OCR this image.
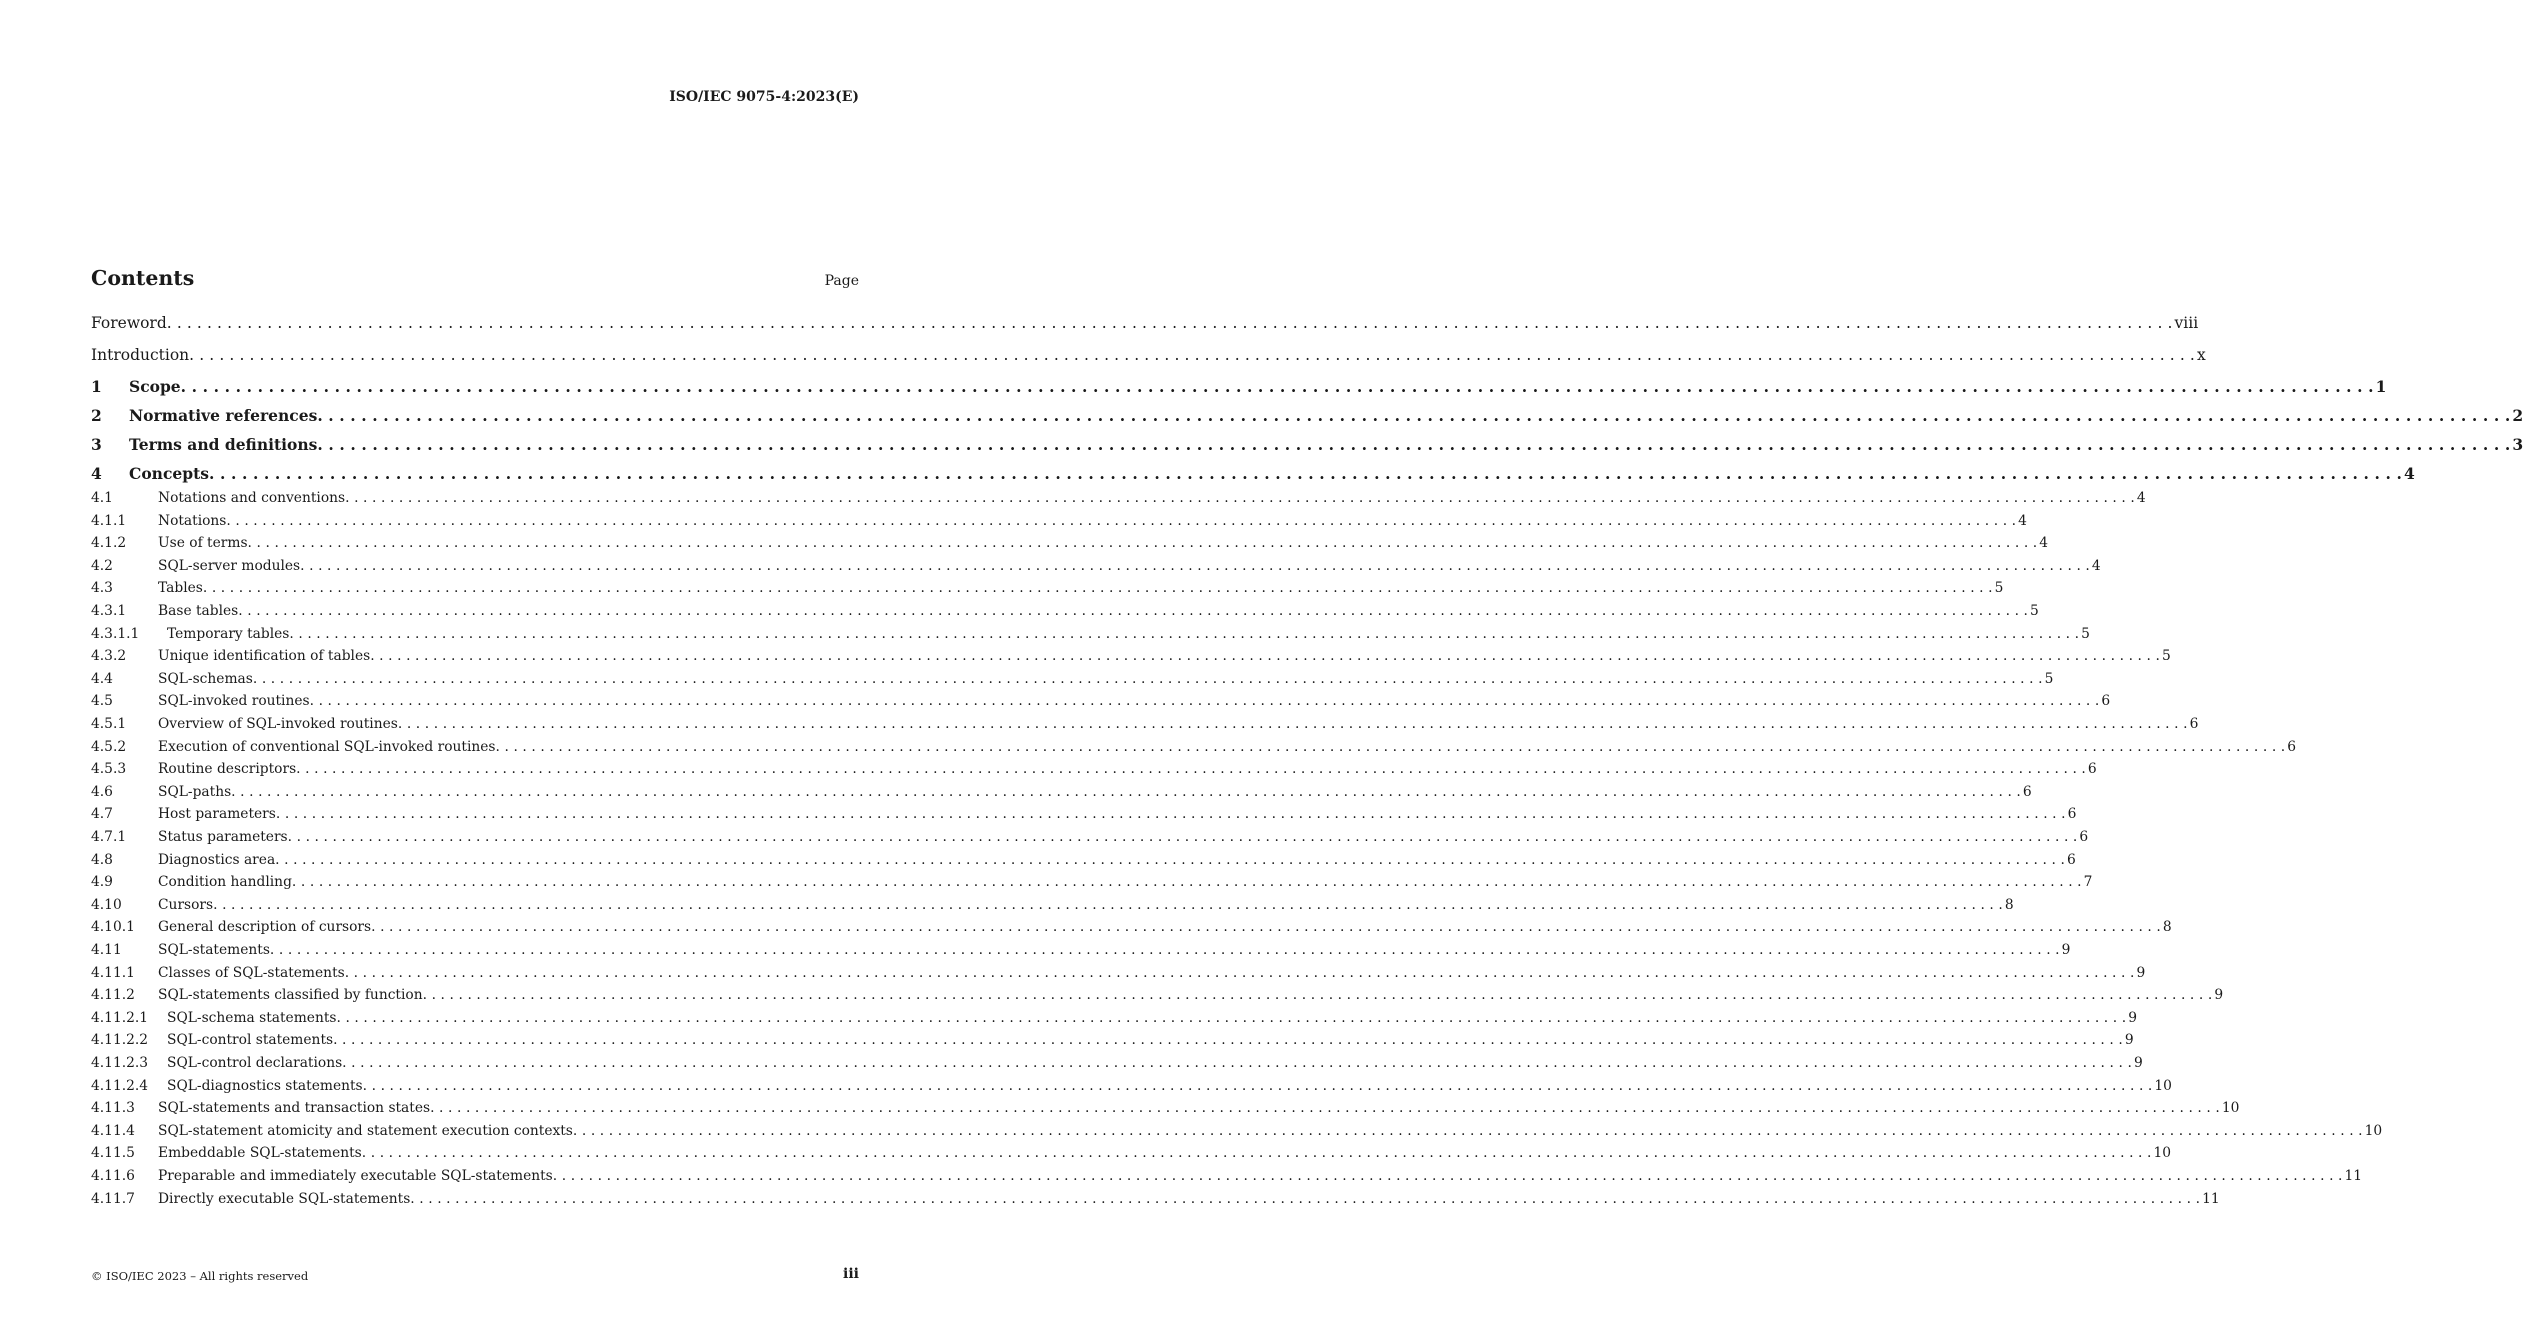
ISO/IEC 9075-4:2023(E)
Contents	Page
Foreword . . . . . . . . . . . . . . . . . . . . . . . . . . . . . . . . . . . . . . . . . . . . . . . . . . . . . . . . . . . . . . . . . . . . . . . . . . . . . . . . . . . . . . . . . . . . . . . . . . . . . . . . . . . . . . . . . . . . . . . . . . . . . . . . . . . . . . . . . . . . . . . . . . . . . . . . . . . . . . . . . . . . . . . . . . . . . . . . . . . . . . . . . . . . . . . . . . . . . . . . viii
Introduction . . . . . . . . . . . . . . . . . . . . . . . . . . . . . . . . . . . . . . . . . . . . . . . . . . . . . . . . . . . . . . . . . . . . . . . . . . . . . . . . . . . . . . . . . . . . . . . . . . . . . . . . . . . . . . . . . . . . . . . . . . . . . . . . . . . . . . . . . . . . . . . . . . . . . . . . . . . . . . . . . . . . . . . . . . . . . . . . . . . . . . . . . . . . . . . . . . . . . . . . x
1	Scope . . . . . . . . . . . . . . . . . . . . . . . . . . . . . . . . . . . . . . . . . . . . . . . . . . . . . . . . . . . . . . . . . . . . . . . . . . . . . . . . . . . . . . . . . . . . . . . . . . . . . . . . . . . . . . . . . . . . . . . . . . . . . . . . . . . . . . . . . . . . . . . . . . . . . . . . . . . . . . . . . . . . . . . . . . . . . . . . . . . . . . . . . . . . . . . . . . . . . . . . 1
2	Normative references . . . . . . . . . . . . . . . . . . . . . . . . . . . . . . . . . . . . . . . . . . . . . . . . . . . . . . . . . . . . . . . . . . . . . . . . . . . . . . . . . . . . . . . . . . . . . . . . . . . . . . . . . . . . . . . . . . . . . . . . . . . . . . . . . . . . . . . . . . . . . . . . . . . . . . . . . . . . . . . . . . . . . . . . . . . . . . . . . . . . . . . . . . . . . . . . . . . . . . . . 2
3	Terms and definitions . . . . . . . . . . . . . . . . . . . . . . . . . . . . . . . . . . . . . . . . . . . . . . . . . . . . . . . . . . . . . . . . . . . . . . . . . . . . . . . . . . . . . . . . . . . . . . . . . . . . . . . . . . . . . . . . . . . . . . . . . . . . . . . . . . . . . . . . . . . . . . . . . . . . . . . . . . . . . . . . . . . . . . . . . . . . . . . . . . . . . . . . . . . . . . . . . . . . . . . . 3
4	Concepts . . . . . . . . . . . . . . . . . . . . . . . . . . . . . . . . . . . . . . . . . . . . . . . . . . . . . . . . . . . . . . . . . . . . . . . . . . . . . . . . . . . . . . . . . . . . . . . . . . . . . . . . . . . . . . . . . . . . . . . . . . . . . . . . . . . . . . . . . . . . . . . . . . . . . . . . . . . . . . . . . . . . . . . . . . . . . . . . . . . . . . . . . . . . . . . . . . . . . . . . 4
4.1	Notations and conventions . . . . . . . . . . . . . . . . . . . . . . . . . . . . . . . . . . . . . . . . . . . . . . . . . . . . . . . . . . . . . . . . . . . . . . . . . . . . . . . . . . . . . . . . . . . . . . . . . . . . . . . . . . . . . . . . . . . . . . . . . . . . . . . . . . . . . . . . . . . . . . . . . . . . . . . . . . . . . . . . . . . . . . . . . . . . . . . . . . . . . . . . . . . . . . . . . . . . . . . . 4
4.1.1	Notations . . . . . . . . . . . . . . . . . . . . . . . . . . . . . . . . . . . . . . . . . . . . . . . . . . . . . . . . . . . . . . . . . . . . . . . . . . . . . . . . . . . . . . . . . . . . . . . . . . . . . . . . . . . . . . . . . . . . . . . . . . . . . . . . . . . . . . . . . . . . . . . . . . . . . . . . . . . . . . . . . . . . . . . . . . . . . . . . . . . . . . . . . . . . . . . . . . . . . . . . 4
4.1.2	Use of terms . . . . . . . . . . . . . . . . . . . . . . . . . . . . . . . . . . . . . . . . . . . . . . . . . . . . . . . . . . . . . . . . . . . . . . . . . . . . . . . . . . . . . . . . . . . . . . . . . . . . . . . . . . . . . . . . . . . . . . . . . . . . . . . . . . . . . . . . . . . . . . . . . . . . . . . . . . . . . . . . . . . . . . . . . . . . . . . . . . . . . . . . . . . . . . . . . . . . . . . . 4
4.2	SQL-server modules . . . . . . . . . . . . . . . . . . . . . . . . . . . . . . . . . . . . . . . . . . . . . . . . . . . . . . . . . . . . . . . . . . . . . . . . . . . . . . . . . . . . . . . . . . . . . . . . . . . . . . . . . . . . . . . . . . . . . . . . . . . . . . . . . . . . . . . . . . . . . . . . . . . . . . . . . . . . . . . . . . . . . . . . . . . . . . . . . . . . . . . . . . . . . . . . . . . . . . . . 4
4.3	Tables . . . . . . . . . . . . . . . . . . . . . . . . . . . . . . . . . . . . . . . . . . . . . . . . . . . . . . . . . . . . . . . . . . . . . . . . . . . . . . . . . . . . . . . . . . . . . . . . . . . . . . . . . . . . . . . . . . . . . . . . . . . . . . . . . . . . . . . . . . . . . . . . . . . . . . . . . . . . . . . . . . . . . . . . . . . . . . . . . . . . . . . . . . . . . . . . . . . . . . . . 5
4.3.1	Base tables . . . . . . . . . . . . . . . . . . . . . . . . . . . . . . . . . . . . . . . . . . . . . . . . . . . . . . . . . . . . . . . . . . . . . . . . . . . . . . . . . . . . . . . . . . . . . . . . . . . . . . . . . . . . . . . . . . . . . . . . . . . . . . . . . . . . . . . . . . . . . . . . . . . . . . . . . . . . . . . . . . . . . . . . . . . . . . . . . . . . . . . . . . . . . . . . . . . . . . . . 5
4.3.1.1	Temporary tables . . . . . . . . . . . . . . . . . . . . . . . . . . . . . . . . . . . . . . . . . . . . . . . . . . . . . . . . . . . . . . . . . . . . . . . . . . . . . . . . . . . . . . . . . . . . . . . . . . . . . . . . . . . . . . . . . . . . . . . . . . . . . . . . . . . . . . . . . . . . . . . . . . . . . . . . . . . . . . . . . . . . . . . . . . . . . . . . . . . . . . . . . . . . . . . . . . . . . . . . 5
4.3.2	Unique identification of tables . . . . . . . . . . . . . . . . . . . . . . . . . . . . . . . . . . . . . . . . . . . . . . . . . . . . . . . . . . . . . . . . . . . . . . . . . . . . . . . . . . . . . . . . . . . . . . . . . . . . . . . . . . . . . . . . . . . . . . . . . . . . . . . . . . . . . . . . . . . . . . . . . . . . . . . . . . . . . . . . . . . . . . . . . . . . . . . . . . . . . . . . . . . . . . . . . . . . . . . . 5
4.4	SQL-schemas . . . . . . . . . . . . . . . . . . . . . . . . . . . . . . . . . . . . . . . . . . . . . . . . . . . . . . . . . . . . . . . . . . . . . . . . . . . . . . . . . . . . . . . . . . . . . . . . . . . . . . . . . . . . . . . . . . . . . . . . . . . . . . . . . . . . . . . . . . . . . . . . . . . . . . . . . . . . . . . . . . . . . . . . . . . . . . . . . . . . . . . . . . . . . . . . . . . . . . . . 5
4.5	SQL-invoked routines . . . . . . . . . . . . . . . . . . . . . . . . . . . . . . . . . . . . . . . . . . . . . . . . . . . . . . . . . . . . . . . . . . . . . . . . . . . . . . . . . . . . . . . . . . . . . . . . . . . . . . . . . . . . . . . . . . . . . . . . . . . . . . . . . . . . . . . . . . . . . . . . . . . . . . . . . . . . . . . . . . . . . . . . . . . . . . . . . . . . . . . . . . . . . . . . . . . . . . . . 6
4.5.1	Overview of SQL-invoked routines . . . . . . . . . . . . . . . . . . . . . . . . . . . . . . . . . . . . . . . . . . . . . . . . . . . . . . . . . . . . . . . . . . . . . . . . . . . . . . . . . . . . . . . . . . . . . . . . . . . . . . . . . . . . . . . . . . . . . . . . . . . . . . . . . . . . . . . . . . . . . . . . . . . . . . . . . . . . . . . . . . . . . . . . . . . . . . . . . . . . . . . . . . . . . . . . . . . . . . . . 6
4.5.2	Execution of conventional SQL-invoked routines . . . . . . . . . . . . . . . . . . . . . . . . . . . . . . . . . . . . . . . . . . . . . . . . . . . . . . . . . . . . . . . . . . . . . . . . . . . . . . . . . . . . . . . . . . . . . . . . . . . . . . . . . . . . . . . . . . . . . . . . . . . . . . . . . . . . . . . . . . . . . . . . . . . . . . . . . . . . . . . . . . . . . . . . . . . . . . . . . . . . . . . . . . . . . . . . . . . . . . . . 6
4.5.3	Routine descriptors . . . . . . . . . . . . . . . . . . . . . . . . . . . . . . . . . . . . . . . . . . . . . . . . . . . . . . . . . . . . . . . . . . . . . . . . . . . . . . . . . . . . . . . . . . . . . . . . . . . . . . . . . . . . . . . . . . . . . . . . . . . . . . . . . . . . . . . . . . . . . . . . . . . . . . . . . . . . . . . . . . . . . . . . . . . . . . . . . . . . . . . . . . . . . . . . . . . . . . . . 6
4.6	SQL-paths . . . . . . . . . . . . . . . . . . . . . . . . . . . . . . . . . . . . . . . . . . . . . . . . . . . . . . . . . . . . . . . . . . . . . . . . . . . . . . . . . . . . . . . . . . . . . . . . . . . . . . . . . . . . . . . . . . . . . . . . . . . . . . . . . . . . . . . . . . . . . . . . . . . . . . . . . . . . . . . . . . . . . . . . . . . . . . . . . . . . . . . . . . . . . . . . . . . . . . . . 6
4.7	Host parameters . . . . . . . . . . . . . . . . . . . . . . . . . . . . . . . . . . . . . . . . . . . . . . . . . . . . . . . . . . . . . . . . . . . . . . . . . . . . . . . . . . . . . . . . . . . . . . . . . . . . . . . . . . . . . . . . . . . . . . . . . . . . . . . . . . . . . . . . . . . . . . . . . . . . . . . . . . . . . . . . . . . . . . . . . . . . . . . . . . . . . . . . . . . . . . . . . . . . . . . . 6
4.7.1	Status parameters . . . . . . . . . . . . . . . . . . . . . . . . . . . . . . . . . . . . . . . . . . . . . . . . . . . . . . . . . . . . . . . . . . . . . . . . . . . . . . . . . . . . . . . . . . . . . . . . . . . . . . . . . . . . . . . . . . . . . . . . . . . . . . . . . . . . . . . . . . . . . . . . . . . . . . . . . . . . . . . . . . . . . . . . . . . . . . . . . . . . . . . . . . . . . . . . . . . . . . . . 6
4.8	Diagnostics area . . . . . . . . . . . . . . . . . . . . . . . . . . . . . . . . . . . . . . . . . . . . . . . . . . . . . . . . . . . . . . . . . . . . . . . . . . . . . . . . . . . . . . . . . . . . . . . . . . . . . . . . . . . . . . . . . . . . . . . . . . . . . . . . . . . . . . . . . . . . . . . . . . . . . . . . . . . . . . . . . . . . . . . . . . . . . . . . . . . . . . . . . . . . . . . . . . . . . . . . 6
4.9	Condition handling . . . . . . . . . . . . . . . . . . . . . . . . . . . . . . . . . . . . . . . . . . . . . . . . . . . . . . . . . . . . . . . . . . . . . . . . . . . . . . . . . . . . . . . . . . . . . . . . . . . . . . . . . . . . . . . . . . . . . . . . . . . . . . . . . . . . . . . . . . . . . . . . . . . . . . . . . . . . . . . . . . . . . . . . . . . . . . . . . . . . . . . . . . . . . . . . . . . . . . . . 7
4.10	Cursors . . . . . . . . . . . . . . . . . . . . . . . . . . . . . . . . . . . . . . . . . . . . . . . . . . . . . . . . . . . . . . . . . . . . . . . . . . . . . . . . . . . . . . . . . . . . . . . . . . . . . . . . . . . . . . . . . . . . . . . . . . . . . . . . . . . . . . . . . . . . . . . . . . . . . . . . . . . . . . . . . . . . . . . . . . . . . . . . . . . . . . . . . . . . . . . . . . . . . . . . 8
4.10.1	General description of cursors . . . . . . . . . . . . . . . . . . . . . . . . . . . . . . . . . . . . . . . . . . . . . . . . . . . . . . . . . . . . . . . . . . . . . . . . . . . . . . . . . . . . . . . . . . . . . . . . . . . . . . . . . . . . . . . . . . . . . . . . . . . . . . . . . . . . . . . . . . . . . . . . . . . . . . . . . . . . . . . . . . . . . . . . . . . . . . . . . . . . . . . . . . . . . . . . . . . . . . . . 8
4.11	SQL-statements . . . . . . . . . . . . . . . . . . . . . . . . . . . . . . . . . . . . . . . . . . . . . . . . . . . . . . . . . . . . . . . . . . . . . . . . . . . . . . . . . . . . . . . . . . . . . . . . . . . . . . . . . . . . . . . . . . . . . . . . . . . . . . . . . . . . . . . . . . . . . . . . . . . . . . . . . . . . . . . . . . . . . . . . . . . . . . . . . . . . . . . . . . . . . . . . . . . . . . . . 9
4.11.1	Classes of SQL-statements . . . . . . . . . . . . . . . . . . . . . . . . . . . . . . . . . . . . . . . . . . . . . . . . . . . . . . . . . . . . . . . . . . . . . . . . . . . . . . . . . . . . . . . . . . . . . . . . . . . . . . . . . . . . . . . . . . . . . . . . . . . . . . . . . . . . . . . . . . . . . . . . . . . . . . . . . . . . . . . . . . . . . . . . . . . . . . . . . . . . . . . . . . . . . . . . . . . . . . . . 9
4.11.2	SQL-statements classified by function . . . . . . . . . . . . . . . . . . . . . . . . . . . . . . . . . . . . . . . . . . . . . . . . . . . . . . . . . . . . . . . . . . . . . . . . . . . . . . . . . . . . . . . . . . . . . . . . . . . . . . . . . . . . . . . . . . . . . . . . . . . . . . . . . . . . . . . . . . . . . . . . . . . . . . . . . . . . . . . . . . . . . . . . . . . . . . . . . . . . . . . . . . . . . . . . . . . . . . . . 9
4.11.2.1	SQL-schema statements . . . . . . . . . . . . . . . . . . . . . . . . . . . . . . . . . . . . . . . . . . . . . . . . . . . . . . . . . . . . . . . . . . . . . . . . . . . . . . . . . . . . . . . . . . . . . . . . . . . . . . . . . . . . . . . . . . . . . . . . . . . . . . . . . . . . . . . . . . . . . . . . . . . . . . . . . . . . . . . . . . . . . . . . . . . . . . . . . . . . . . . . . . . . . . . . . . . . . . . . 9
4.11.2.2	SQL-control statements . . . . . . . . . . . . . . . . . . . . . . . . . . . . . . . . . . . . . . . . . . . . . . . . . . . . . . . . . . . . . . . . . . . . . . . . . . . . . . . . . . . . . . . . . . . . . . . . . . . . . . . . . . . . . . . . . . . . . . . . . . . . . . . . . . . . . . . . . . . . . . . . . . . . . . . . . . . . . . . . . . . . . . . . . . . . . . . . . . . . . . . . . . . . . . . . . . . . . . . . 9
4.11.2.3	SQL-control declarations . . . . . . . . . . . . . . . . . . . . . . . . . . . . . . . . . . . . . . . . . . . . . . . . . . . . . . . . . . . . . . . . . . . . . . . . . . . . . . . . . . . . . . . . . . . . . . . . . . . . . . . . . . . . . . . . . . . . . . . . . . . . . . . . . . . . . . . . . . . . . . . . . . . . . . . . . . . . . . . . . . . . . . . . . . . . . . . . . . . . . . . . . . . . . . . . . . . . . . . . 9
4.11.2.4	SQL-diagnostics statements . . . . . . . . . . . . . . . . . . . . . . . . . . . . . . . . . . . . . . . . . . . . . . . . . . . . . . . . . . . . . . . . . . . . . . . . . . . . . . . . . . . . . . . . . . . . . . . . . . . . . . . . . . . . . . . . . . . . . . . . . . . . . . . . . . . . . . . . . . . . . . . . . . . . . . . . . . . . . . . . . . . . . . . . . . . . . . . . . . . . . . . . . . . . . . . . . . . . . . . . 10
4.11.3	SQL-statements and transaction states . . . . . . . . . . . . . . . . . . . . . . . . . . . . . . . . . . . . . . . . . . . . . . . . . . . . . . . . . . . . . . . . . . . . . . . . . . . . . . . . . . . . . . . . . . . . . . . . . . . . . . . . . . . . . . . . . . . . . . . . . . . . . . . . . . . . . . . . . . . . . . . . . . . . . . . . . . . . . . . . . . . . . . . . . . . . . . . . . . . . . . . . . . . . . . . . . . . . . . . . 10
4.11.4	SQL-statement atomicity and statement execution contexts . . . . . . . . . . . . . . . . . . . . . . . . . . . . . . . . . . . . . . . . . . . . . . . . . . . . . . . . . . . . . . . . . . . . . . . . . . . . . . . . . . . . . . . . . . . . . . . . . . . . . . . . . . . . . . . . . . . . . . . . . . . . . . . . . . . . . . . . . . . . . . . . . . . . . . . . . . . . . . . . . . . . . . . . . . . . . . . . . . . . . . . . . . . . . . . . . . . . . . . . 10
4.11.5	Embeddable SQL-statements . . . . . . . . . . . . . . . . . . . . . . . . . . . . . . . . . . . . . . . . . . . . . . . . . . . . . . . . . . . . . . . . . . . . . . . . . . . . . . . . . . . . . . . . . . . . . . . . . . . . . . . . . . . . . . . . . . . . . . . . . . . . . . . . . . . . . . . . . . . . . . . . . . . . . . . . . . . . . . . . . . . . . . . . . . . . . . . . . . . . . . . . . . . . . . . . . . . . . . . . 10
4.11.6	Preparable and immediately executable SQL-statements . . . . . . . . . . . . . . . . . . . . . . . . . . . . . . . . . . . . . . . . . . . . . . . . . . . . . . . . . . . . . . . . . . . . . . . . . . . . . . . . . . . . . . . . . . . . . . . . . . . . . . . . . . . . . . . . . . . . . . . . . . . . . . . . . . . . . . . . . . . . . . . . . . . . . . . . . . . . . . . . . . . . . . . . . . . . . . . . . . . . . . . . . . . . . . . . . . . . . . . . 11
4.11.7	Directly executable SQL-statements . . . . . . . . . . . . . . . . . . . . . . . . . . . . . . . . . . . . . . . . . . . . . . . . . . . . . . . . . . . . . . . . . . . . . . . . . . . . . . . . . . . . . . . . . . . . . . . . . . . . . . . . . . . . . . . . . . . . . . . . . . . . . . . . . . . . . . . . . . . . . . . . . . . . . . . . . . . . . . . . . . . . . . . . . . . . . . . . . . . . . . . . . . . . . . . . . . . . . . . . 11
© ISO/IEC 2023 – All rights reserved	iii
